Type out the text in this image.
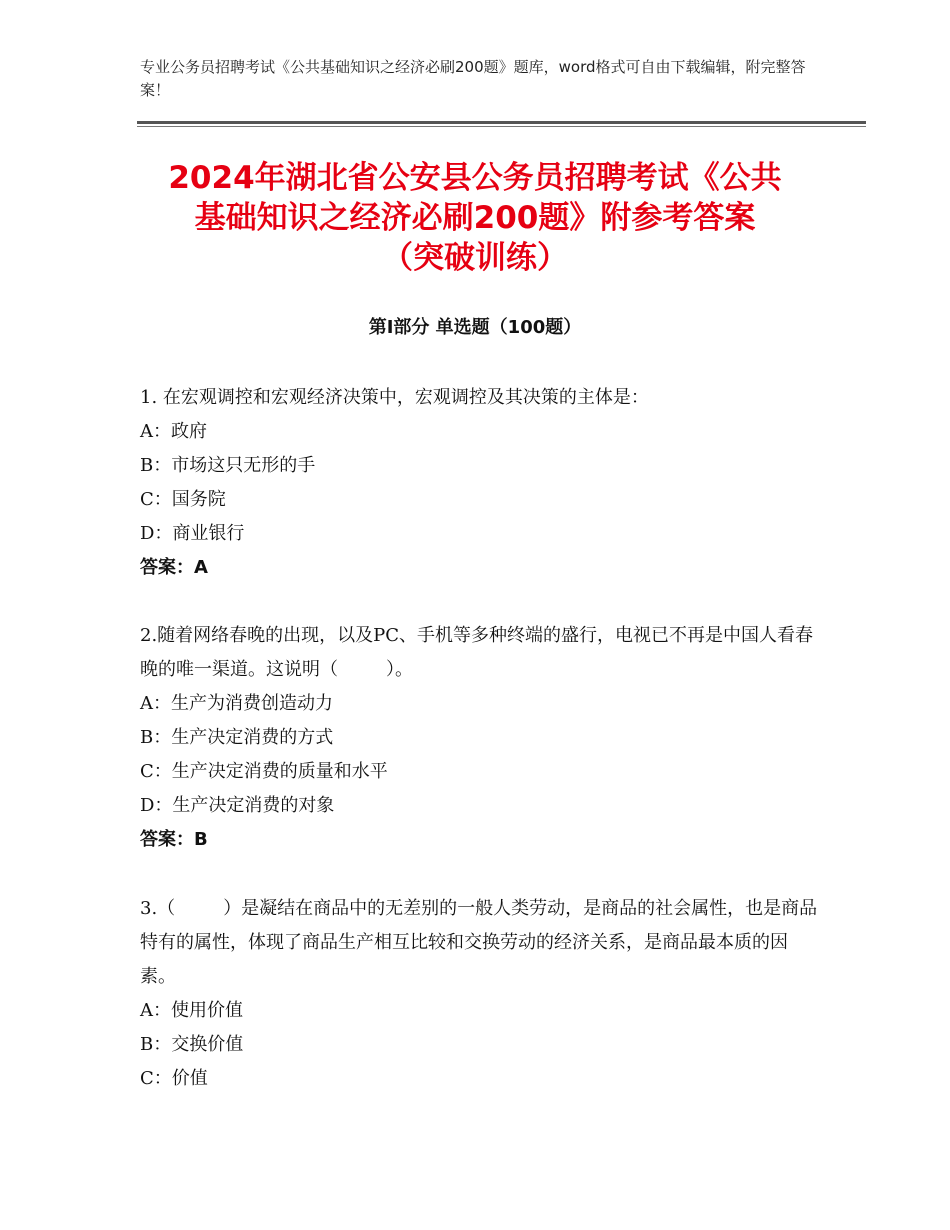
专业公务员招聘考试《公共基础知识之经济必刷200题》题库，word格式可自由下载编辑，附完整答案！
2024年湖北省公安县公务员招聘考试《公共
基础知识之经济必刷200题》附参考答案
（突破训练）
第Ⅰ部分 单选题（100题）

1. 在宏观调控和宏观经济决策中，宏观调控及其决策的主体是：

A：政府

B：市场这只无形的手

C：国务院

D：商业银行

答案：A

2.随着网络春晚的出现，以及PC、手机等多种终端的盛行，电视已不再是中国人看春晚的唯一渠道。这说明（	）。

A：生产为消费创造动力

B：生产决定消费的方式

C：生产决定消费的质量和水平

D：生产决定消费的对象

答案：B

3.（	）是凝结在商品中的无差别的一般人类劳动，是商品的社会属性，也是商品特有的属性，体现了商品生产相互比较和交换劳动的经济关系，是商品最本质的因素。

A：使用价值

B：交换价值

C：价值
